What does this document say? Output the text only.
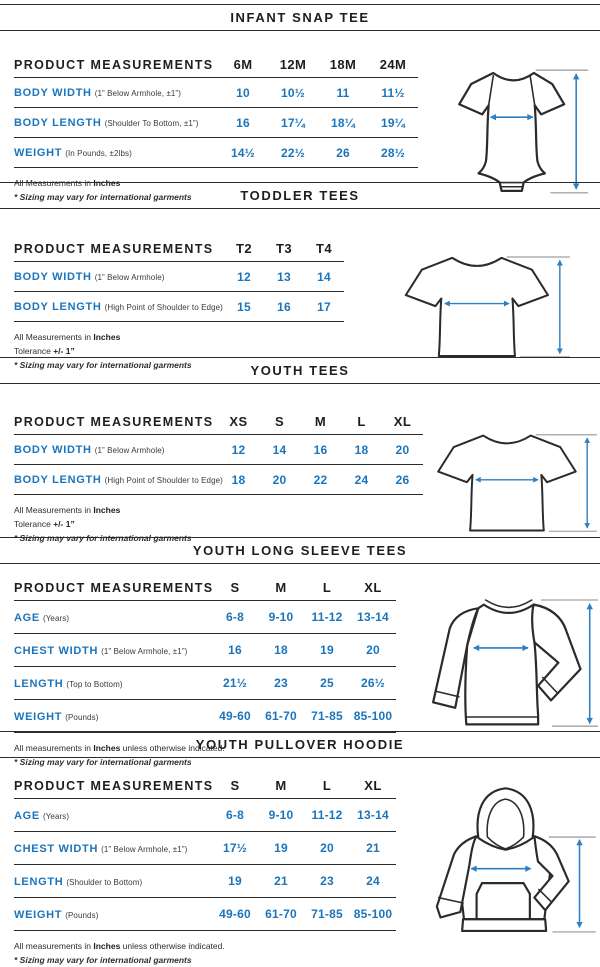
INFANT SNAP TEE
PRODUCT MEASUREMENTS	6M	12M	18M	24M
BODY WIDTH (1” Below Armhole, ±1”)	10	10½	11	11½
BODY LENGTH (Shoulder To Bottom, ±1”)	16	17¼	18¼	19¼
WEIGHT (In Pounds, ±2lbs)	14½	22½	26	28½
All Measurements in Inches
* Sizing may vary for international garments	TODDLER TEES
PRODUCT MEASUREMENTS	T2	T3	T4
BODY WIDTH (1” Below Armhole)	12	13	14
BODY LENGTH (High Point of Shoulder to Edge)	15	16	17
All Measurements in Inches
Tolerance +/- 1”
* Sizing may vary for international garments	YOUTH TEES
PRODUCT MEASUREMENTS	XS	S	M	L	XL
BODY WIDTH (1” Below Armhole)	12	14	16	18	20
BODY LENGTH (High Point of Shoulder to Edge)	18	20	22	24	26
All Measurements in Inches
Tolerance +/- 1”
* Sizing may vary for international garments
YOUTH LONG SLEEVE TEES
PRODUCT MEASUREMENTS	S	M	L	XL
AGE (Years)	6-8	9-10	11-12	13-14
CHEST WIDTH (1” Below Armhole, ±1”)	16	18	19	20
LENGTH (Top to Bottom)	21½	23	25	26½
WEIGHT (Pounds)	49-60	61-70	71-85	85-100
All measurements in Inches unless otherwise indicated.
* Sizing may vary for international garments
YOUTH PULLOVER HOODIE
PRODUCT MEASUREMENTS	S	M	L	XL
AGE (Years)	6-8	9-10	11-12	13-14
CHEST WIDTH (1” Below Armhole, ±1”)	17½	19	20	21
LENGTH (Shoulder to Bottom)	19	21	23	24
WEIGHT (Pounds)	49-60	61-70	71-85	85-100
All measurements in Inches unless otherwise indicated.
* Sizing may vary for international garments
